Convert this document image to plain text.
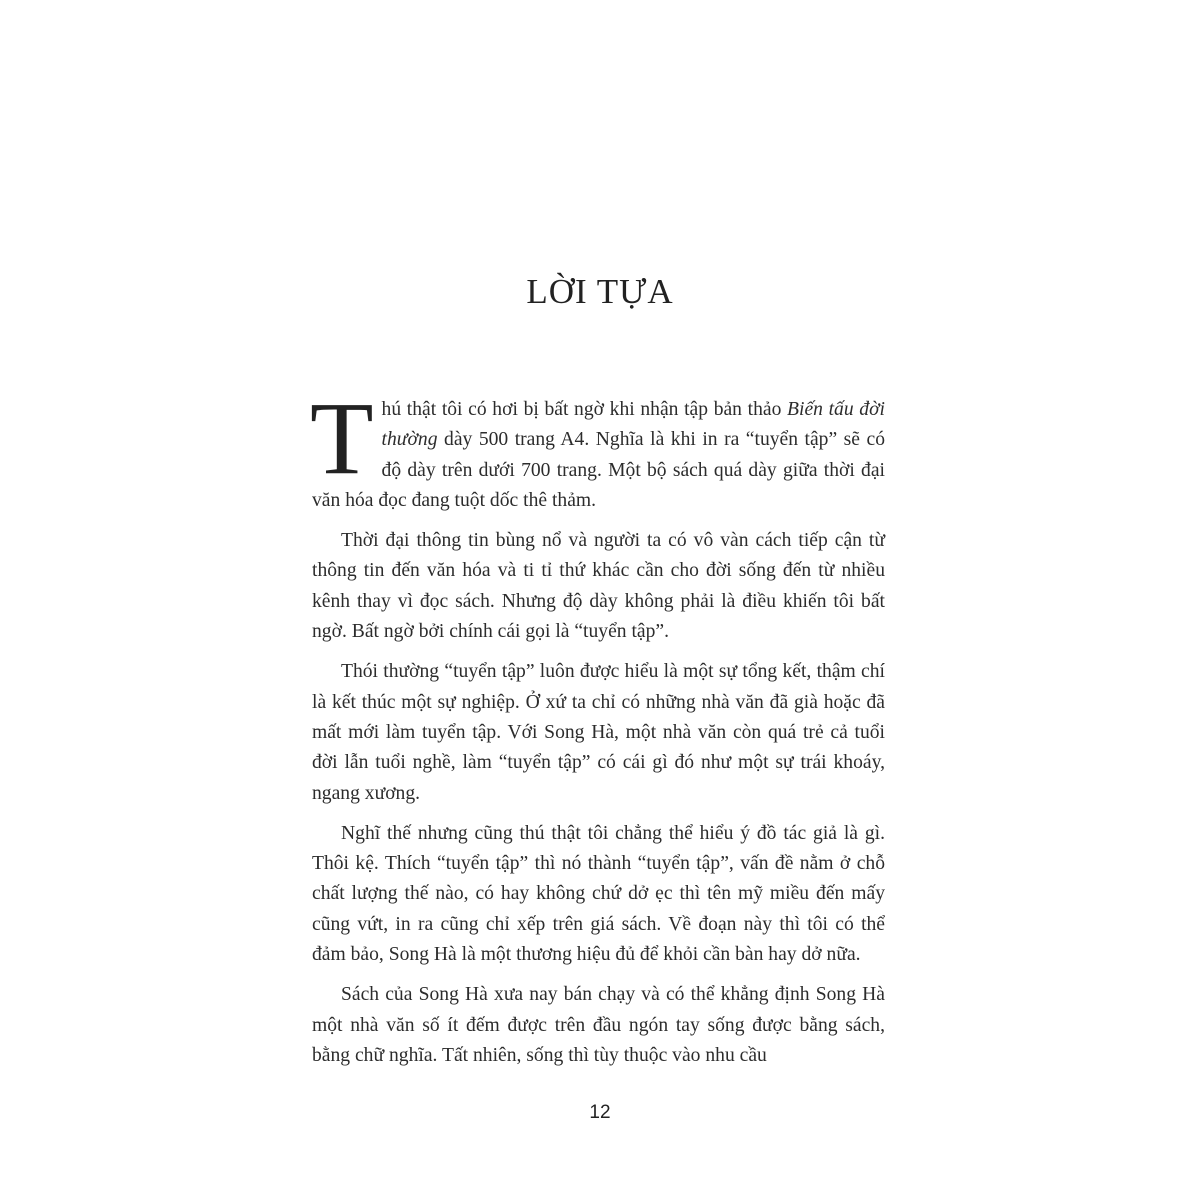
LỜI TỰA

Thú thật tôi có hơi bị bất ngờ khi nhận tập bản thảo Biến tấu đời thường dày 500 trang A4. Nghĩa là khi in ra “tuyển tập” sẽ có độ dày trên dưới 700 trang. Một bộ sách quá dày giữa thời đại văn hóa đọc đang tuột dốc thê thảm.

Thời đại thông tin bùng nổ và người ta có vô vàn cách tiếp cận từ thông tin đến văn hóa và ti tỉ thứ khác cần cho đời sống đến từ nhiều kênh thay vì đọc sách. Nhưng độ dày không phải là điều khiến tôi bất ngờ. Bất ngờ bởi chính cái gọi là “tuyển tập”.

Thói thường “tuyển tập” luôn được hiểu là một sự tổng kết, thậm chí là kết thúc một sự nghiệp. Ở xứ ta chỉ có những nhà văn đã già hoặc đã mất mới làm tuyển tập. Với Song Hà, một nhà văn còn quá trẻ cả tuổi đời lẫn tuổi nghề, làm “tuyển tập” có cái gì đó như một sự trái khoáy, ngang xương.

Nghĩ thế nhưng cũng thú thật tôi chẳng thể hiểu ý đồ tác giả là gì. Thôi kệ. Thích “tuyển tập” thì nó thành “tuyển tập”, vấn đề nằm ở chỗ chất lượng thế nào, có hay không chứ dở ẹc thì tên mỹ miều đến mấy cũng vứt, in ra cũng chỉ xếp trên giá sách. Về đoạn này thì tôi có thể đảm bảo, Song Hà là một thương hiệu đủ để khỏi cần bàn hay dở nữa.

Sách của Song Hà xưa nay bán chạy và có thể khẳng định Song Hà một nhà văn số ít đếm được trên đầu ngón tay sống được bằng sách, bằng chữ nghĩa. Tất nhiên, sống thì tùy thuộc vào nhu cầu

12
